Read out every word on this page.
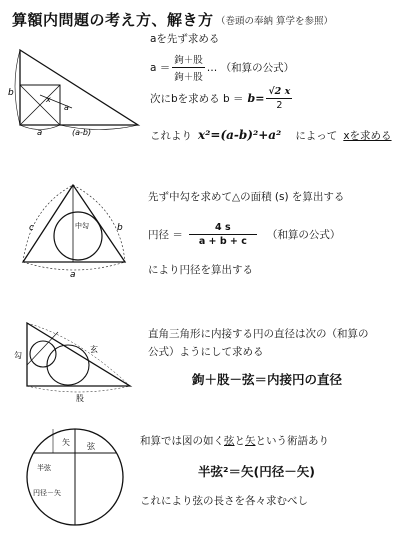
算額内問題の考え方、解き方 （巻頭の奉納 算学を参照）
b
a	(a-b)
x
a
aを先ず求める
$a = \frac{\text{鉤＋股}}{\text{鉤＋股}}$ … （和算の公式）
次にbを求める $b = b= \frac{√2 x}{2}$
これより x²=(a-b)²+a² によって xを求める
c	b
a
中勾
先ず中勾を求めて△の面積 (s) を算出する
円径 ＝ $\frac{4 s}{a + b + c}$ （和算の公式）
により円径を算出する
勾
玄
股
直角三角形に内接する円の直径は次の（和算の
公式）ようにして求める
鉤＋股－弦＝内接円の直径
矢 弦
半弦
円径－矢
和算では図の如く 弦 と 矢 という術語あり
半弦²＝矢(円径－矢)
これにより弦の長さを各々求むべし
